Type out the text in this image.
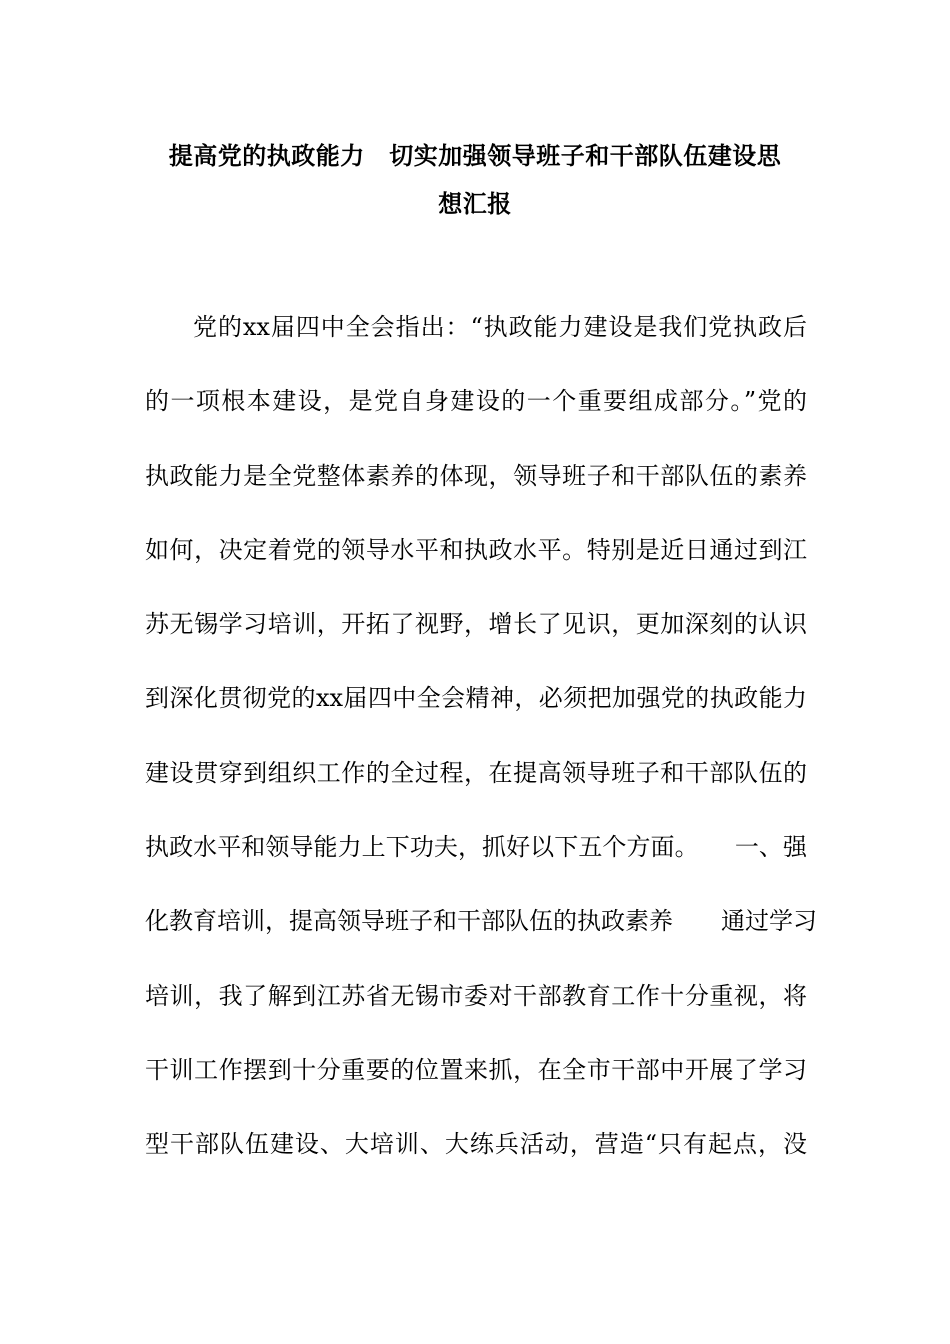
提高党的执政能力　切实加强领导班子和干部队伍建设思
想汇报
党的xx届四中全会指出：“执政能力建设是我们党执政后
的一项根本建设，是党自身建设的一个重要组成部分。”党的
执政能力是全党整体素养的体现，领导班子和干部队伍的素养
如何，决定着党的领导水平和执政水平。特别是近日通过到江
苏无锡学习培训，开拓了视野，增长了见识，更加深刻的认识
到深化贯彻党的xx届四中全会精神，必须把加强党的执政能力
建设贯穿到组织工作的全过程，在提高领导班子和干部队伍的
执政水平和领导能力上下功夫，抓好以下五个方面。　　一、强
化教育培训，提高领导班子和干部队伍的执政素养　　通过学习
培训，我了解到江苏省无锡市委对干部教育工作十分重视，将
干训工作摆到十分重要的位置来抓，在全市干部中开展了学习
型干部队伍建设、大培训、大练兵活动，营造“只有起点，没
